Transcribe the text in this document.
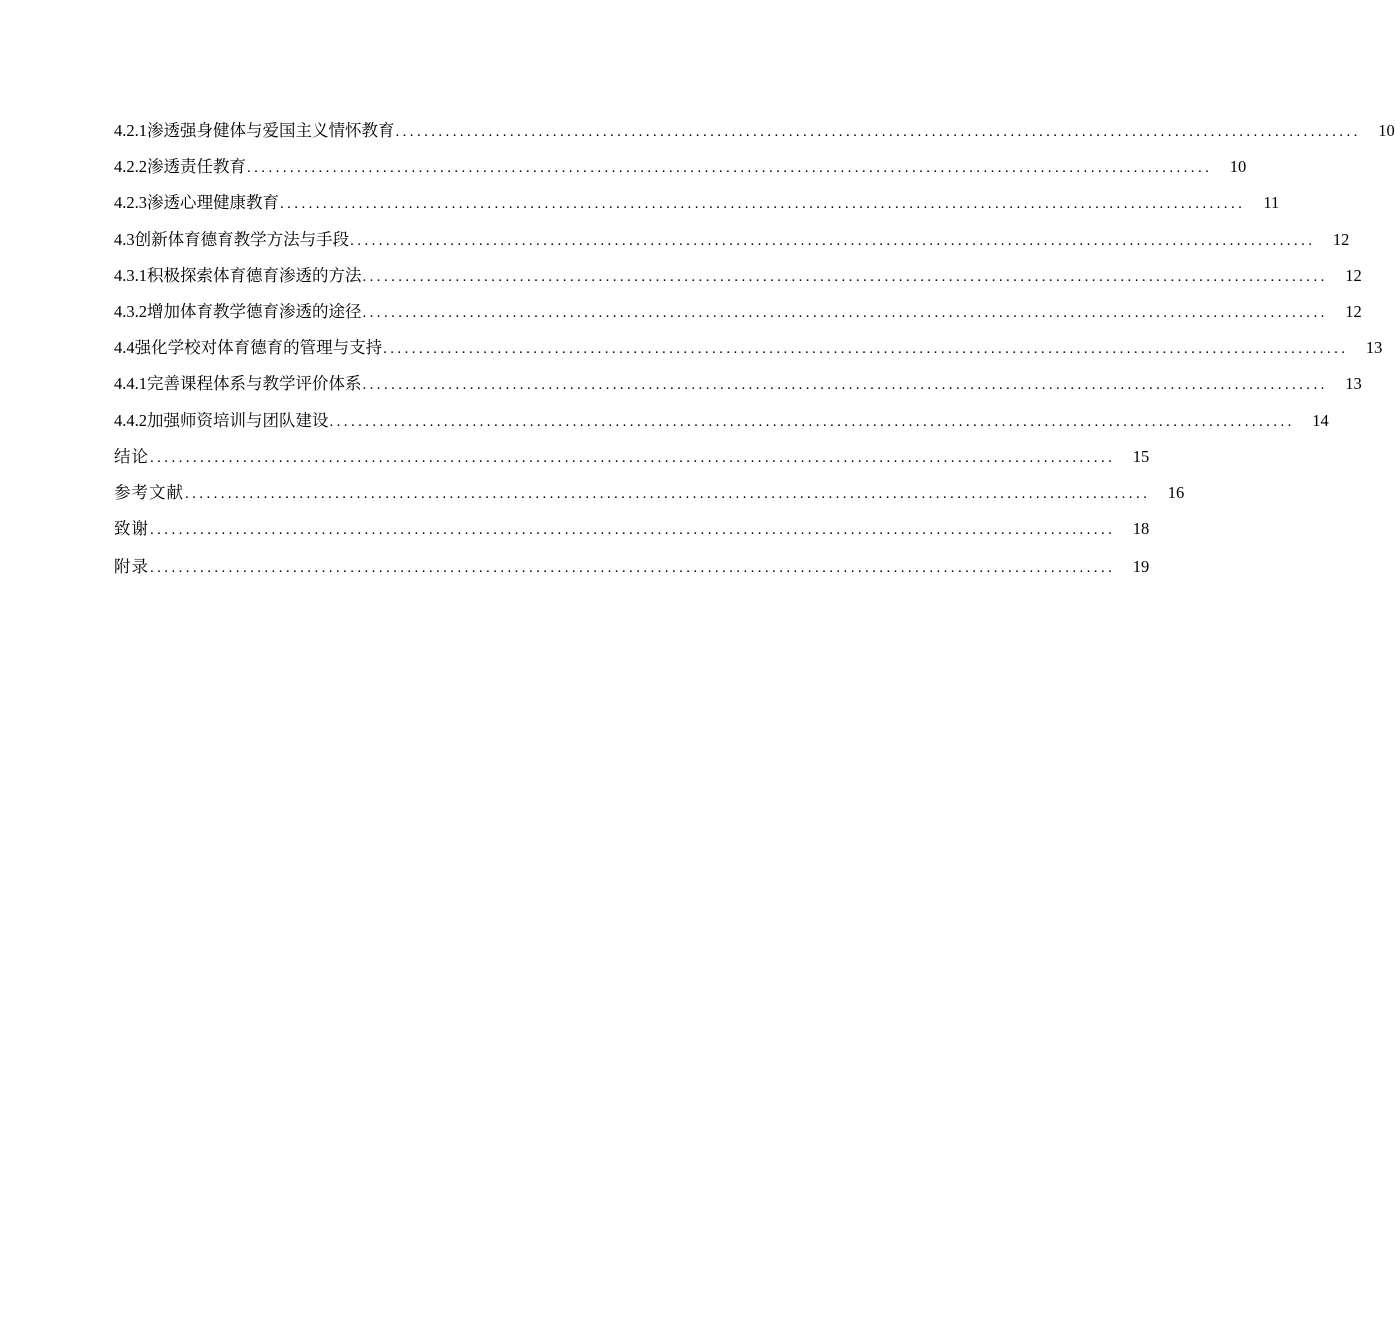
4.2.1 渗透强身健体与爱国主义情怀教育 .......................................................................................................................................	10
4.2.2 渗透责任教育 .......................................................................................................................................	10
4.2.3 渗透心理健康教育 .......................................................................................................................................	11
4.3 创新体育德育教学方法与手段 .......................................................................................................................................	12
4.3.1 积极探索体育德育渗透的方法 .......................................................................................................................................	12
4.3.2 增加体育教学德育渗透的途径 .......................................................................................................................................	12
4.4 强化学校对体育德育的管理与支持 .......................................................................................................................................	13
4.4.1 完善课程体系与教学评价体系 .......................................................................................................................................	13
4.4.2 加强师资培训与团队建设 .......................................................................................................................................	14
结论 .......................................................................................................................................	15
参考文献 .......................................................................................................................................	16
致谢 .......................................................................................................................................	18
附录 .......................................................................................................................................	19
